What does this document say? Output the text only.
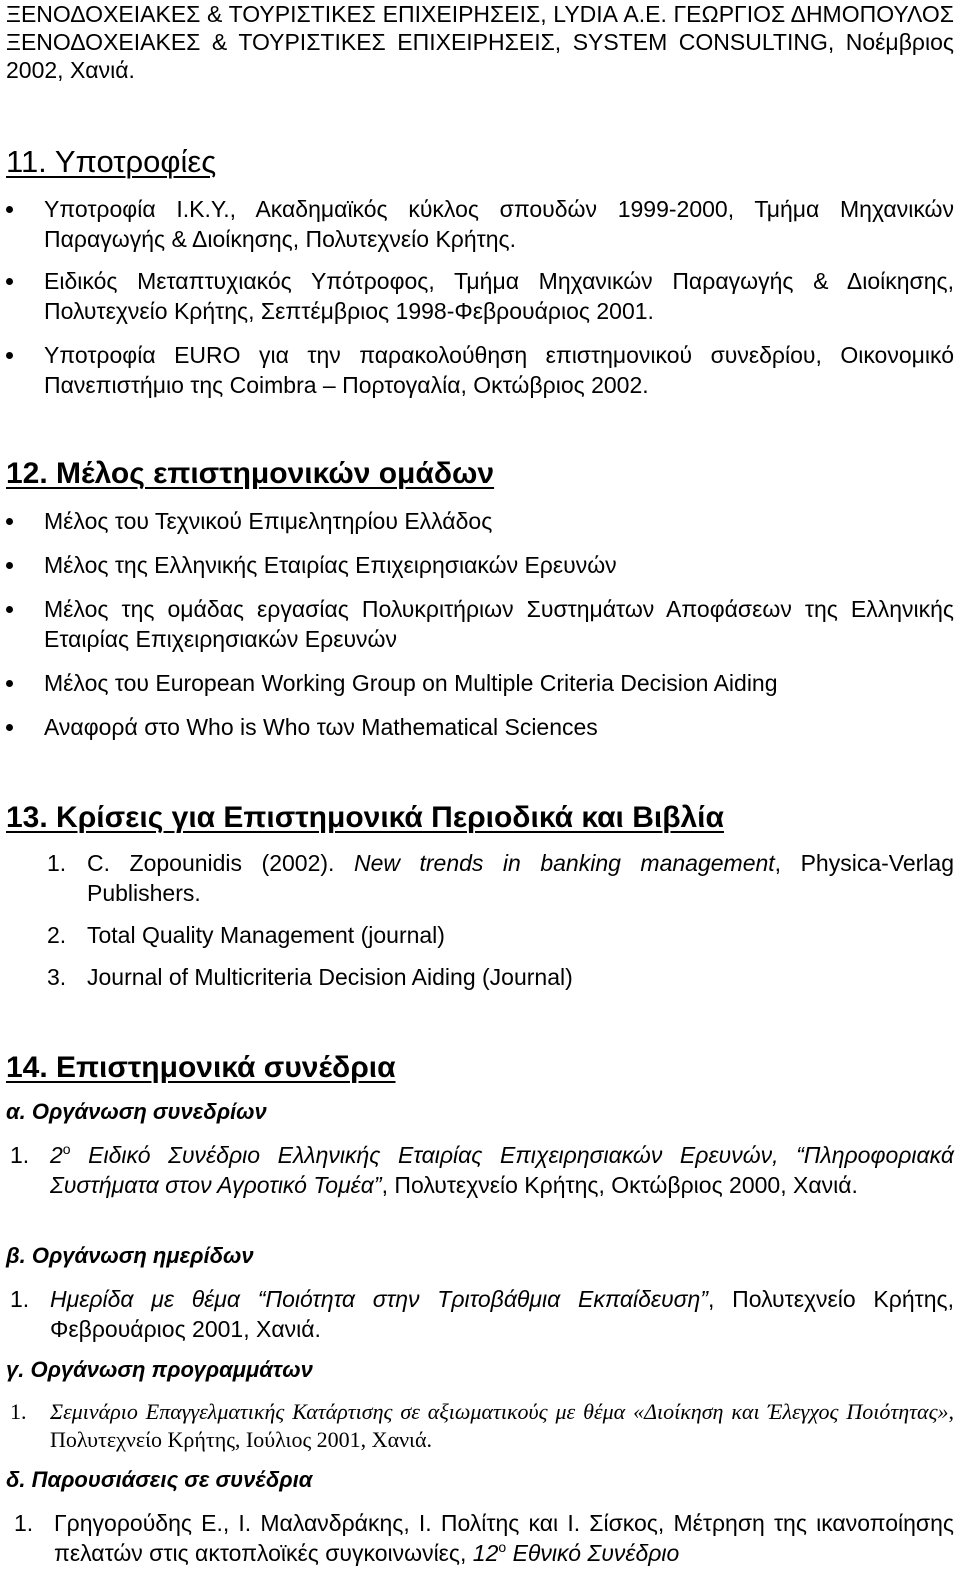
ΞΕΝΟΔΟΧΕΙΑΚΕΣ & ΤΟΥΡΙΣΤΙΚΕΣ ΕΠΙΧΕΙΡΗΣΕΙΣ, LYDIA Α.Ε. ΓΕΩΡΓΙΟΣ ΔΗΜΟΠΟΥΛΟΣ ΞΕΝΟΔΟΧΕΙΑΚΕΣ & ΤΟΥΡΙΣΤΙΚΕΣ ΕΠΙΧΕΙΡΗΣΕΙΣ, SYSTEM CONSULTING, Νοέμβριος 2002, Χανιά.
11. Υποτροφίες
Υποτροφία Ι.Κ.Υ., Ακαδημαϊκός κύκλος σπουδών 1999-2000, Τμήμα Μηχανικών Παραγωγής & Διοίκησης, Πολυτεχνείο Κρήτης.
Ειδικός Μεταπτυχιακός Υπότροφος, Τμήμα Μηχανικών Παραγωγής & Διοίκησης, Πολυτεχνείο Κρήτης, Σεπτέμβριος 1998-Φεβρουάριος 2001.
Υποτροφία EURO για την παρακολούθηση επιστημονικού συνεδρίου, Οικονομικό Πανεπιστήμιο της Coimbra – Πορτογαλία, Οκτώβριος 2002.
12. Μέλος επιστημονικών ομάδων
Μέλος του Τεχνικού Επιμελητηρίου Ελλάδος
Μέλος της Ελληνικής Εταιρίας Επιχειρησιακών Ερευνών
Μέλος της ομάδας εργασίας Πολυκριτήριων Συστημάτων Αποφάσεων της Ελληνικής Εταιρίας Επιχειρησιακών Ερευνών
Μέλος του European Working Group on Multiple Criteria Decision Aiding
Αναφορά στο Who is Who των Mathematical Sciences
13. Κρίσεις για Επιστημονικά Περιοδικά και Βιβλία
1. C. Zopounidis (2002). New trends in banking management, Physica-Verlag Publishers.
2. Total Quality Management (journal)
3. Journal of Multicriteria Decision Aiding (Journal)
14. Επιστημονικά συνέδρια
α. Οργάνωση συνεδρίων
1. $2^o$ Ειδικό Συνέδριο Ελληνικής Εταιρίας Επιχειρησιακών Ερευνών, “Πληροφοριακά Συστήματα στον Αγροτικό Τομέα”, Πολυτεχνείο Κρήτης, Οκτώβριος 2000, Χανιά.
β. Οργάνωση ημερίδων
1. Ημερίδα με θέμα “Ποιότητα στην Τριτοβάθμια Εκπαίδευση”, Πολυτεχνείο Κρήτης, Φεβρουάριος 2001, Χανιά.
γ. Οργάνωση προγραμμάτων
1. Σεμινάριο Επαγγελματικής Κατάρτισης σε αξιωματικούς με θέμα «Διοίκηση και Έλεγχος Ποιότητας», Πολυτεχνείο Κρήτης, Ιούλιος 2001, Χανιά.
δ. Παρουσιάσεις σε συνέδρια
1. Γρηγορούδης Ε., Ι. Μαλανδράκης, Ι. Πολίτης και Ι. Σίσκος, Μέτρηση της ικανοποίησης πελατών στις ακτοπλοϊκές συγκοινωνίες, $12^o$ Εθνικό Συνέδριο
